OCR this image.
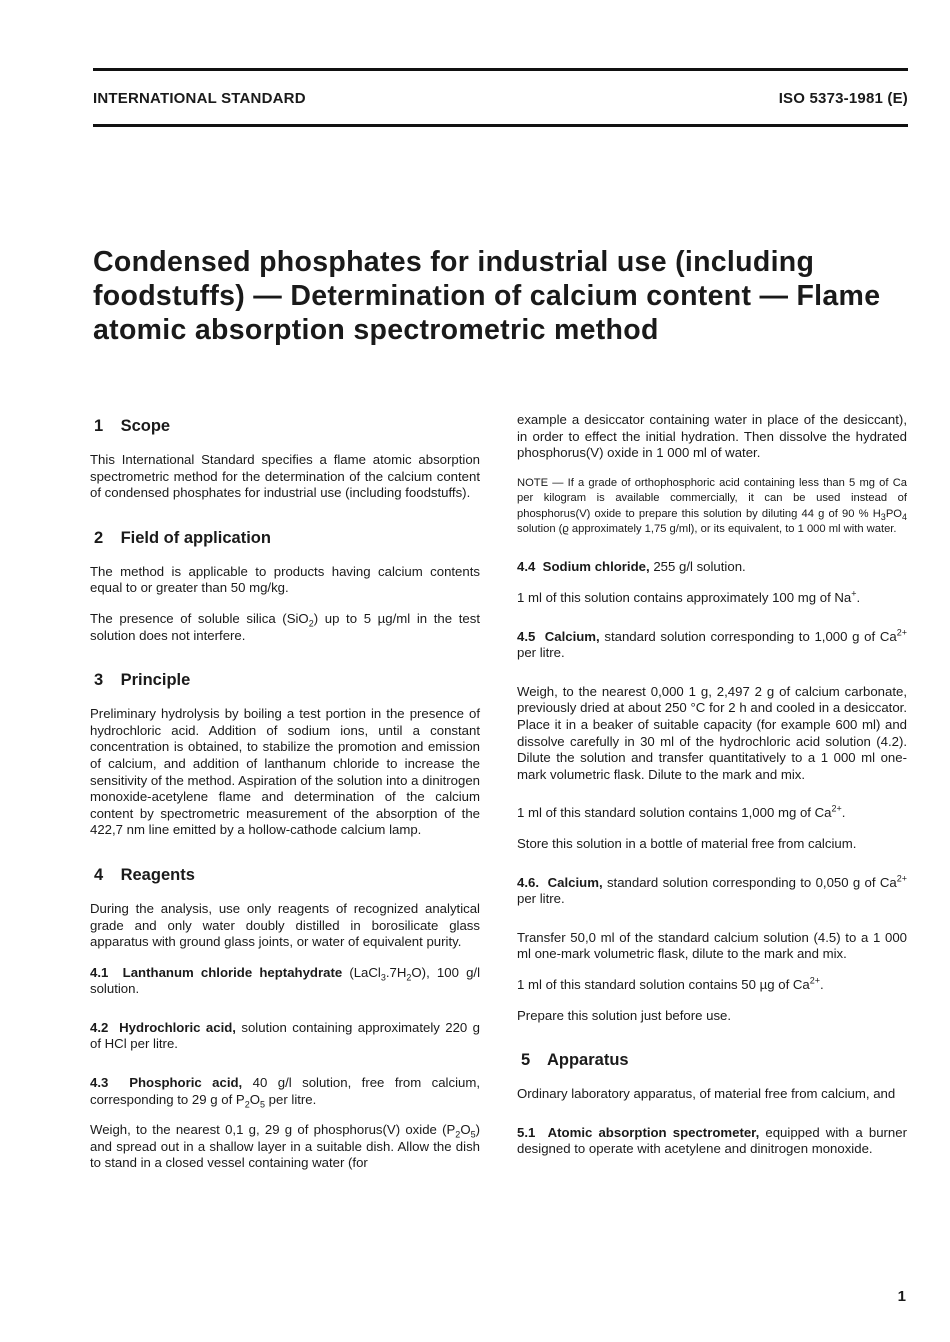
INTERNATIONAL STANDARD	ISO 5373-1981 (E)
Condensed phosphates for industrial use (including foodstuffs) — Determination of calcium content — Flame atomic absorption spectrometric method
1 Scope

This International Standard specifies a flame atomic absorption spectrometric method for the determination of the calcium content of condensed phosphates for industrial use (including foodstuffs).

2 Field of application

The method is applicable to products having calcium contents equal to or greater than 50 mg/kg.

The presence of soluble silica (SiO$_2$) up to 5 µg/ml in the test solution does not interfere.

3 Principle

Preliminary hydrolysis by boiling a test portion in the presence of hydrochloric acid. Addition of sodium ions, until a constant concentration is obtained, to stabilize the promotion and emission of calcium, and addition of lanthanum chloride to increase the sensitivity of the method. Aspiration of the solution into a dinitrogen monoxide-acetylene flame and determination of the calcium content by spectrometric measurement of the absorption of the 422,7 nm line emitted by a hollow-cathode calcium lamp.

4 Reagents

During the analysis, use only reagents of recognized analytical grade and only water doubly distilled in borosilicate glass apparatus with ground glass joints, or water of equivalent purity.

4.1 Lanthanum chloride heptahydrate $(LaCl_3.7H_2O)$, 100 g/l solution.

4.2 Hydrochloric acid, solution containing approximately 220 g of HCl per litre.

4.3 Phosphoric acid, 40 g/l solution, free from calcium, corresponding to 29 g of $P_2O_5$ per litre.

Weigh, to the nearest 0,1 g, 29 g of phosphorus(V) oxide $(P_2O_5)$ and spread out in a shallow layer in a suitable dish. Allow the dish to stand in a closed vessel containing water (for

example a desiccator containing water in place of the desiccant), in order to effect the initial hydration. Then dissolve the hydrated phosphorus(V) oxide in 1 000 ml of water.

NOTE — If a grade of orthophosphoric acid containing less than 5 mg of Ca per kilogram is available commercially, it can be used instead of phosphorus(V) oxide to prepare this solution by diluting 44 g of 90 % $H_3PO_4$ solution (ϱ approximately 1,75 g/ml), or its equivalent, to 1 000 ml with water.

4.4 Sodium chloride, 255 g/l solution.

1 ml of this solution contains approximately 100 mg of Na+.

4.5 Calcium, standard solution corresponding to 1,000 g of $Ca^{2+}$ per litre.

Weigh, to the nearest 0,000 1 g, 2,497 2 g of calcium carbonate, previously dried at about 250 °C for 2 h and cooled in a desiccator. Place it in a beaker of suitable capacity (for example 600 ml) and dissolve carefully in 30 ml of the hydrochloric acid solution (4.2). Dilute the solution and transfer quantitatively to a 1 000 ml one-mark volumetric flask. Dilute to the mark and mix.

1 ml of this standard solution contains 1,000 mg of $Ca^{2+}$.

Store this solution in a bottle of material free from calcium.

4.6. Calcium, standard solution corresponding to 0,050 g of $Ca^{2+}$ per litre.

Transfer 50,0 ml of the standard calcium solution (4.5) to a 1 000 ml one-mark volumetric flask, dilute to the mark and mix.

1 ml of this standard solution contains 50 µg of $Ca^{2+}$.

Prepare this solution just before use.

5 Apparatus

Ordinary laboratory apparatus, of material free from calcium, and

5.1 Atomic absorption spectrometer, equipped with a burner designed to operate with acetylene and dinitrogen monoxide.

1
